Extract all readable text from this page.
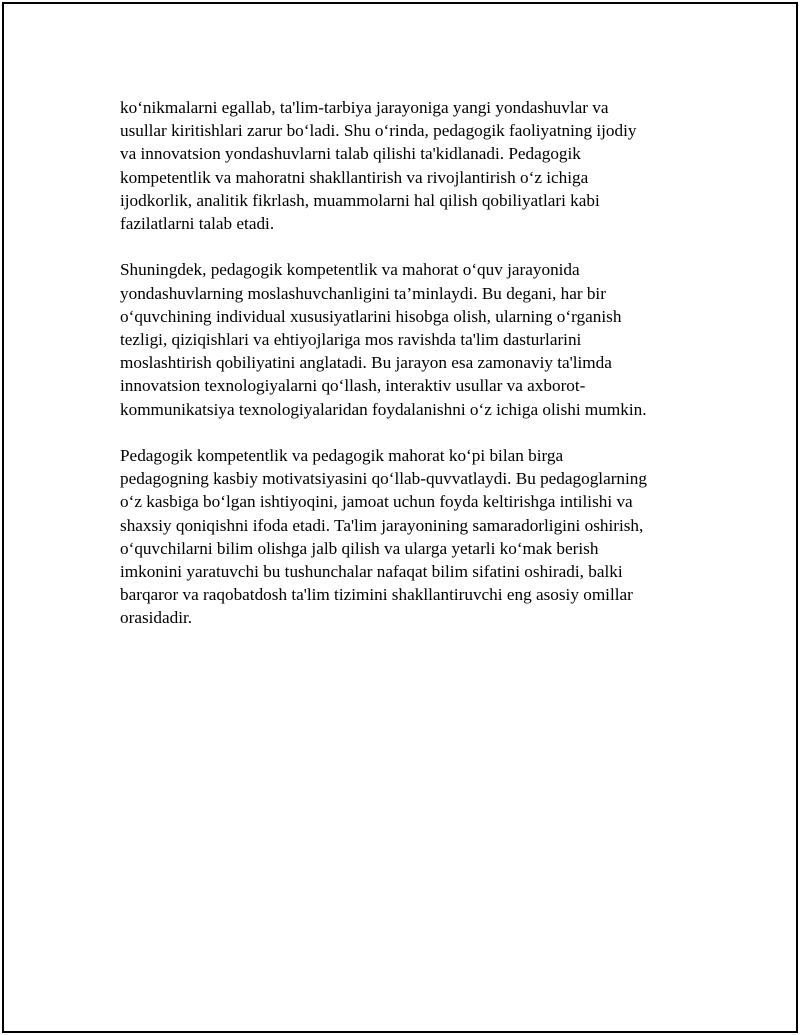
ko‘nikmalarni egallab, ta'lim-tarbiya jarayoniga yangi yondashuvlar va
usullar kiritishlari zarur bo‘ladi. Shu o‘rinda, pedagogik faoliyatning ijodiy
va innovatsion yondashuvlarni talab qilishi ta'kidlanadi. Pedagogik
kompetentlik va mahoratni shakllantirish va rivojlantirish o‘z ichiga
ijodkorlik, analitik fikrlash, muammolarni hal qilish qobiliyatlari kabi
fazilatlarni talab etadi.

Shuningdek, pedagogik kompetentlik va mahorat o‘quv jarayonida
yondashuvlarning moslashuvchanligini ta’minlaydi. Bu degani, har bir
o‘quvchining individual xususiyatlarini hisobga olish, ularning o‘rganish
tezligi, qiziqishlari va ehtiyojlariga mos ravishda ta'lim dasturlarini
moslashtirish qobiliyatini anglatadi. Bu jarayon esa zamonaviy ta'limda
innovatsion texnologiyalarni qo‘llash, interaktiv usullar va axborot-
kommunikatsiya texnologiyalaridan foydalanishni o‘z ichiga olishi mumkin.

Pedagogik kompetentlik va pedagogik mahorat ko‘pi bilan birga
pedagogning kasbiy motivatsiyasini qo‘llab-quvvatlaydi. Bu pedagoglarning
o‘z kasbiga bo‘lgan ishtiyoqini, jamoat uchun foyda keltirishga intilishi va
shaxsiy qoniqishni ifoda etadi. Ta'lim jarayonining samaradorligini oshirish,
o‘quvchilarni bilim olishga jalb qilish va ularga yetarli ko‘mak berish
imkonini yaratuvchi bu tushunchalar nafaqat bilim sifatini oshiradi, balki
barqaror va raqobatdosh ta'lim tizimini shakllantiruvchi eng asosiy omillar
orasidadir.
